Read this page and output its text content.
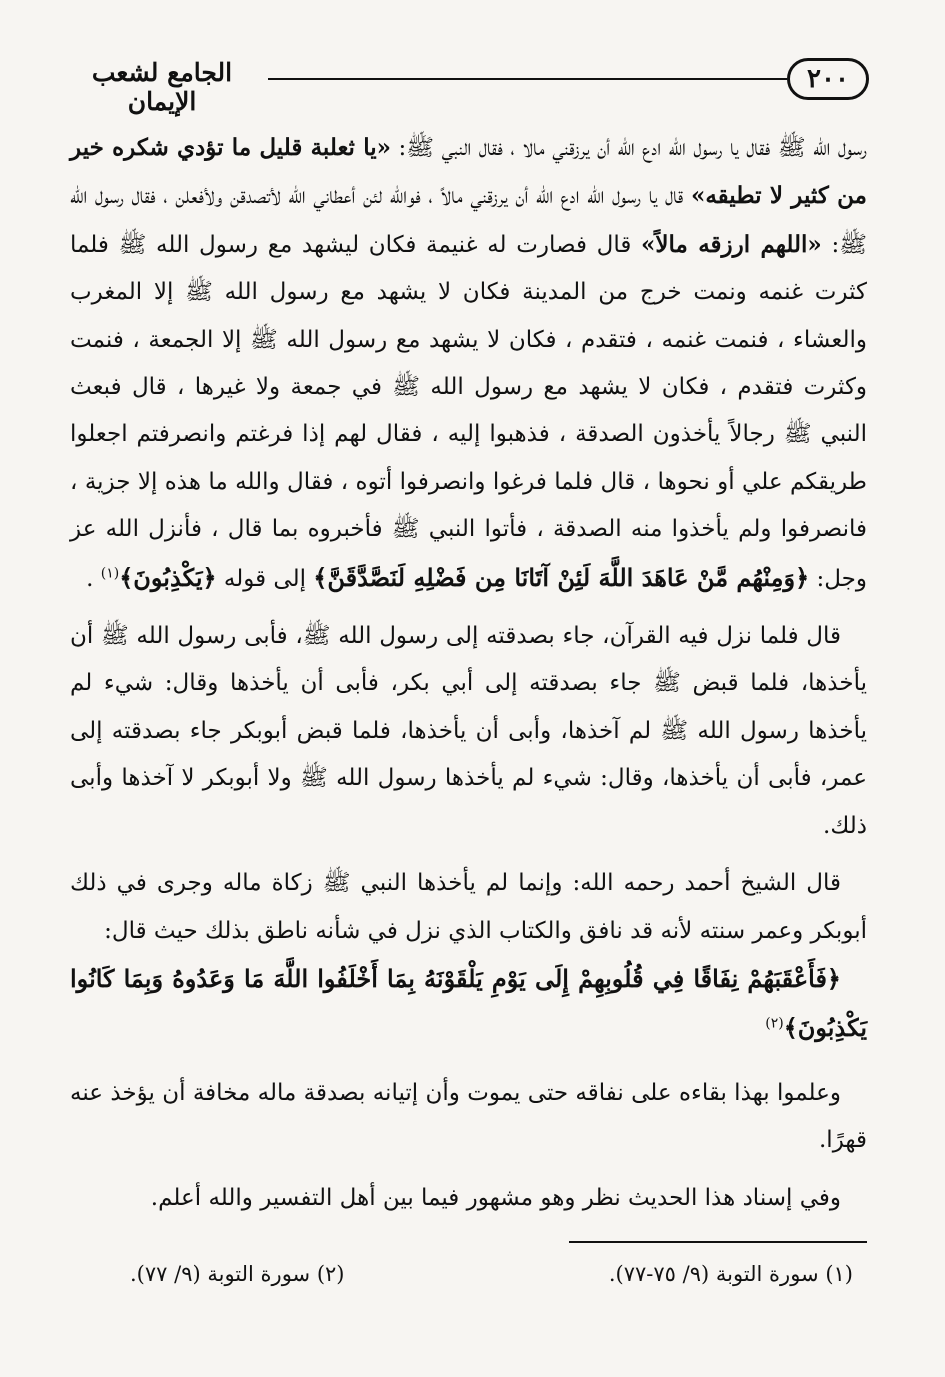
٢٠٠
الجامع لشعب الإيمان

رسول الله ﷺ فقال يا رسول الله ادع الله أن يرزقني مالا ، فقال النبي ﷺ: «يا ثعلبة قليل ما تؤدي شكره خير من كثير لا تطيقه» قال يا رسول الله ادع الله أن يرزقني مالاً ، فوالله لئن أعطاني الله لأتصدقن ولأفعلن ، فقال رسول الله ﷺ: «اللهم ارزقه مالاً» قال فصارت له غنيمة فكان ليشهد مع رسول الله ﷺ فلما كثرت غنمه ونمت خرج من المدينة فكان لا يشهد مع رسول الله ﷺ إلا المغرب والعشاء ، فنمت غنمه ، فتقدم ، فكان لا يشهد مع رسول الله ﷺ إلا الجمعة ، فنمت وكثرت فتقدم ، فكان لا يشهد مع رسول الله ﷺ في جمعة ولا غيرها ، قال فبعث النبي ﷺ رجالاً يأخذون الصدقة ، فذهبوا إليه ، فقال لهم إذا فرغتم وانصرفتم اجعلوا طريقكم علي أو نحوها ، قال فلما فرغوا وانصرفوا أتوه ، فقال والله ما هذه إلا جزية ، فانصرفوا ولم يأخذوا منه الصدقة ، فأتوا النبي ﷺ فأخبروه بما قال ، فأنزل الله عز وجل: ﴿وَمِنْهُم مَّنْ عَاهَدَ اللَّهَ لَئِنْ آتَانَا مِن فَضْلِهِ لَنَصَّدَّقَنَّ﴾ إلى قوله ﴿يَكْذِبُونَ﴾$^{(١)}$ .

قال فلما نزل فيه القرآن، جاء بصدقته إلى رسول الله ﷺ، فأبى رسول الله ﷺ أن يأخذها، فلما قبض ﷺ جاء بصدقته إلى أبي بكر، فأبى أن يأخذها وقال: شيء لم يأخذها رسول الله ﷺ لم آخذها، وأبى أن يأخذها، فلما قبض أبوبكر جاء بصدقته إلى عمر، فأبى أن يأخذها، وقال: شيء لم يأخذها رسول الله ﷺ ولا أبوبكر لا آخذها وأبى ذلك.

قال الشيخ أحمد رحمه الله: وإنما لم يأخذها النبي ﷺ زكاة ماله وجرى في ذلك أبوبكر وعمر سنته لأنه قد نافق والكتاب الذي نزل في شأنه ناطق بذلك حيث قال:

﴿فَأَعْقَبَهُمْ نِفَاقًا فِي قُلُوبِهِمْ إِلَى يَوْمِ يَلْقَوْنَهُ بِمَا أَخْلَفُوا اللَّهَ مَا وَعَدُوهُ وَبِمَا كَانُوا يَكْذِبُونَ﴾$^{(٢)}$

وعلموا بهذا بقاءه على نفاقه حتى يموت وأن إتيانه بصدقة ماله مخافة أن يؤخذ عنه قهرًا.

وفي إسناد هذا الحديث نظر وهو مشهور فيما بين أهل التفسير والله أعلم.

(١) سورة التوبة (٩/ ٧٥-٧٧).
(٢) سورة التوبة (٩/ ٧٧).
